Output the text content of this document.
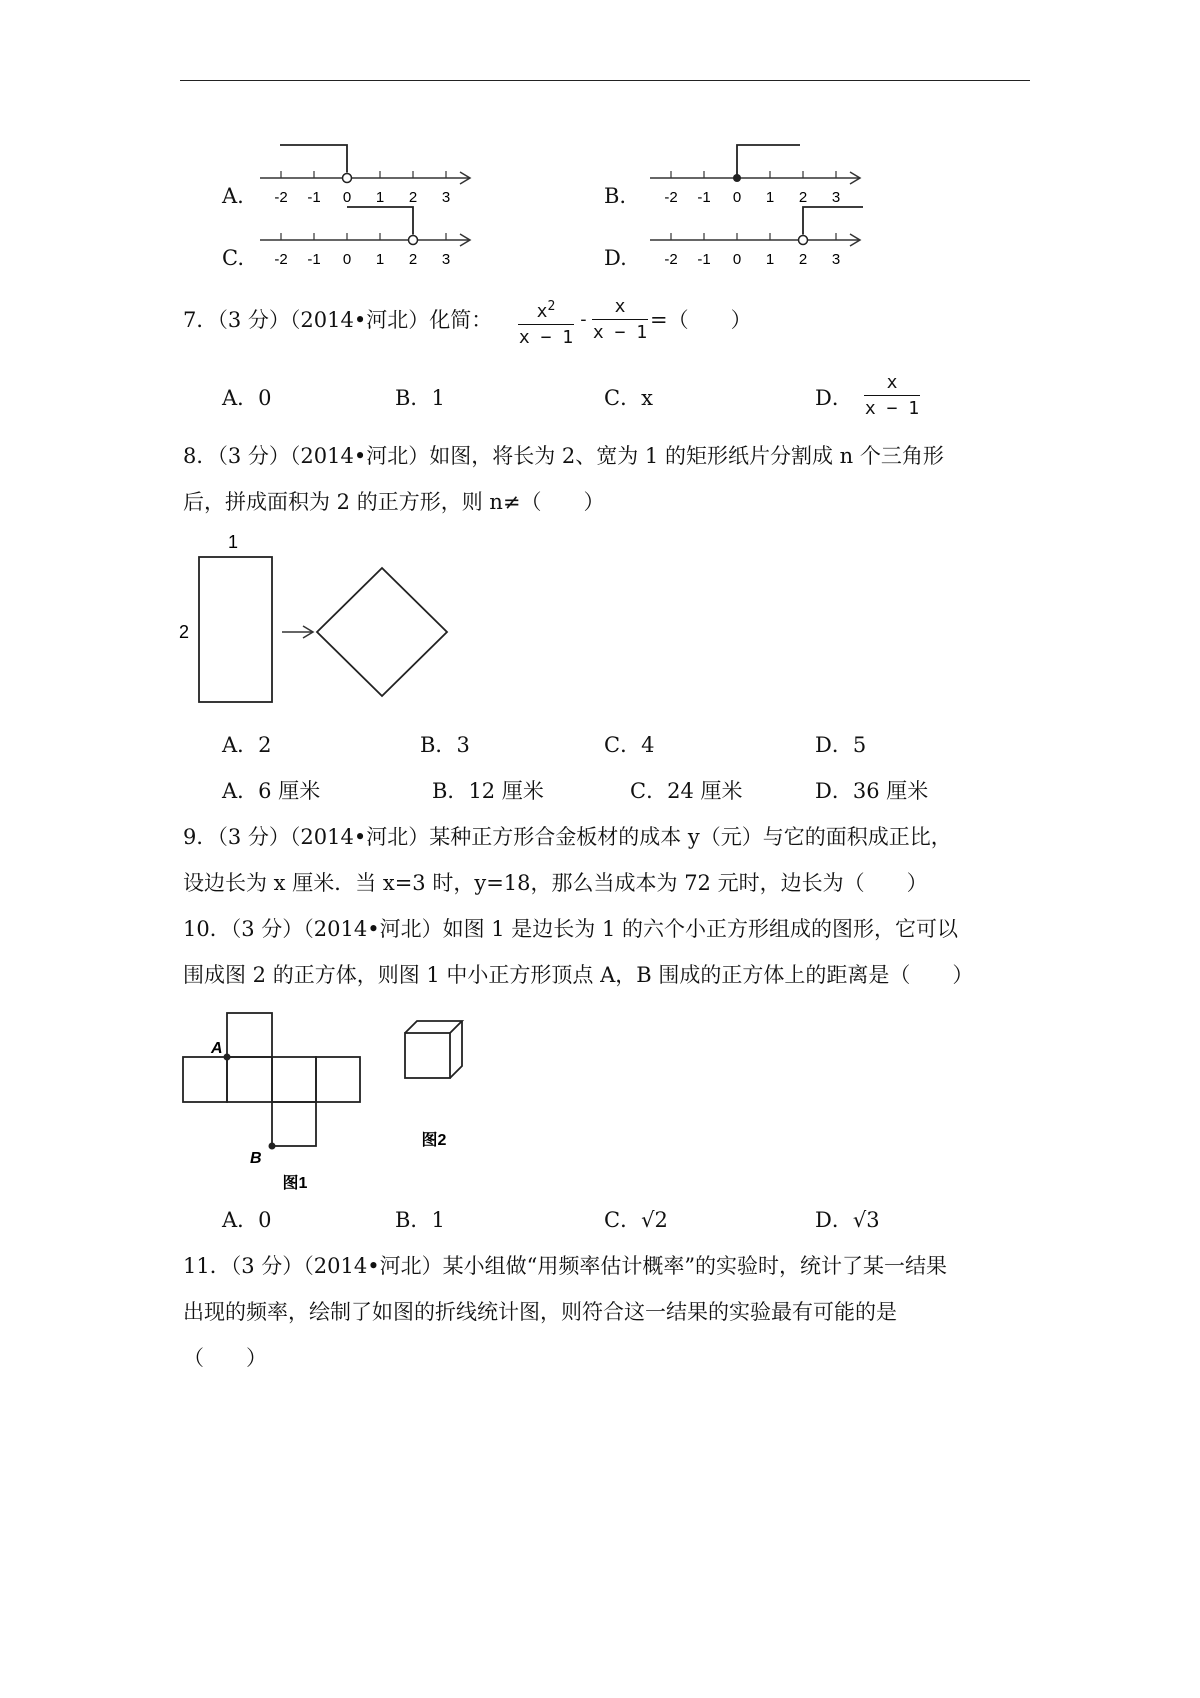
A.	B.
C.	D.
-2 -1 0 1 2 3	-2 -1 0 1 2 3
-2 -1 0 1 2 3	-2 -1 0 1 2 3
7．（3 分）（2014•河北）化简：	$x^2$
x − 1
-
x
x − 1
=（　　）
A．0	B．1	C．x	D．
x
x − 1
8．（3 分）（2014•河北）如图，将长为 2、宽为 1 的矩形纸片分割成 n 个三角形
后，拼成面积为 2 的正方形，则 n≠（　　）
1
2
A．2	B．3	C．4	D．5
A．6 厘米	B．12 厘米	C．24 厘米	D．36 厘米
9．（3 分）（2014•河北）某种正方形合金板材的成本 y（元）与它的面积成正比，
设边长为 x 厘米．当 x=3 时，y=18，那么当成本为 72 元时，边长为（　　）
10．（3 分）（2014•河北）如图 1 是边长为 1 的六个小正方形组成的图形，它可以
围成图 2 的正方体，则图 1 中小正方形顶点 A，B 围成的正方体上的距离是（　　）
A
B
图1
图2
A．0	B．1	C．√2	D．√3
11．（3 分）（2014•河北）某小组做“用频率估计概率”的实验时，统计了某一结果
出现的频率，绘制了如图的折线统计图，则符合这一结果的实验最有可能的是
（　　）
